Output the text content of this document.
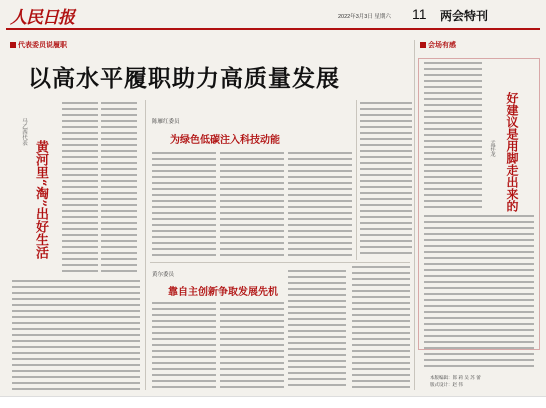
人民日报	2022年3月3日 星期六 11 两会特刊
代表委员说履职
以高水平履职助力高质量发展
马乙西代表
黄河里“淘”出好生活
陈雁红委员
为绿色低碳注入科技动能
黄尔委员
靠自主创新争取发展先机
会场有感
好建议是用脚走出来的
孟祥龙
本版编辑：郎 莉 吴 苏 蕾
版式设计：赵 伟
